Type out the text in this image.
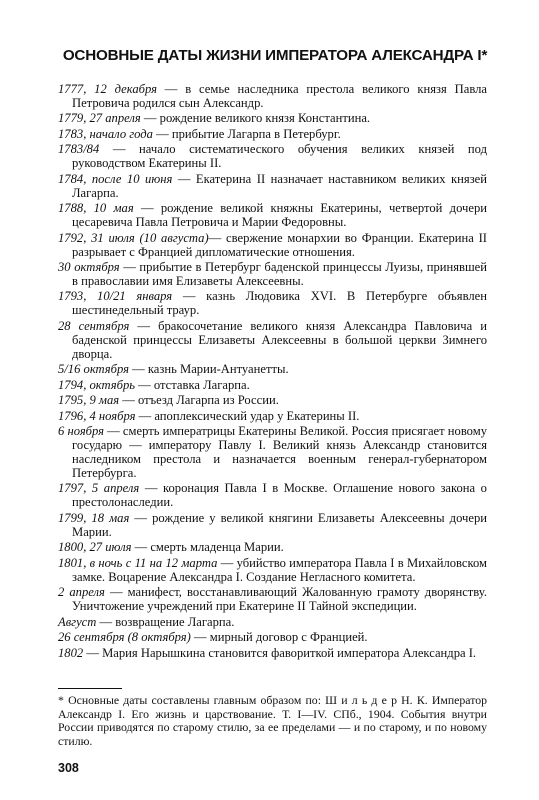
ОСНОВНЫЕ ДАТЫ ЖИЗНИ ИМПЕРАТОРА АЛЕКСАНДРА I*
1777, 12 декабря — в семье наследника престола великого князя Павла Петровича родился сын Александр.
1779, 27 апреля — рождение великого князя Константина.
1783, начало года — прибытие Лагарпа в Петербург.
1783/84 — начало систематического обучения великих князей под руководством Екатерины II.
1784, после 10 июня — Екатерина II назначает наставником великих князей Лагарпа.
1788, 10 мая — рождение великой княжны Екатерины, четвертой дочери цесаревича Павла Петровича и Марии Федоровны.
1792, 31 июля (10 августа)— свержение монархии во Франции. Екатерина II разрывает с Францией дипломатические отношения.
30 октября — прибытие в Петербург баденской принцессы Луизы, принявшей в православии имя Елизаветы Алексеевны.
1793, 10/21 января — казнь Людовика XVI. В Петербурге объявлен шестинедельный траур.
28 сентября — бракосочетание великого князя Александра Павловича и баденской принцессы Елизаветы Алексеевны в большой церкви Зимнего дворца.
5/16 октября — казнь Марии-Антуанетты.
1794, октябрь — отставка Лагарпа.
1795, 9 мая — отъезд Лагарпа из России.
1796, 4 ноября — апоплексический удар у Екатерины II.
6 ноября — смерть императрицы Екатерины Великой. Россия присягает новому государю — императору Павлу I. Великий князь Александр становится наследником престола и назначается военным генерал-губернатором Петербурга.
1797, 5 апреля — коронация Павла I в Москве. Оглашение нового закона о престолонаследии.
1799, 18 мая — рождение у великой княгини Елизаветы Алексеевны дочери Марии.
1800, 27 июля — смерть младенца Марии.
1801, в ночь с 11 на 12 марта — убийство императора Павла I в Михайловском замке. Воцарение Александра I. Создание Негласного комитета.
2 апреля — манифест, восстанавливающий Жалованную грамоту дворянству. Уничтожение учреждений при Екатерине II Тайной экспедиции.
Август — возвращение Лагарпа.
26 сентября (8 октября) — мирный договор с Францией.
1802 — Мария Нарышкина становится фавориткой императора Александра I.
* Основные даты составлены главным образом по: Ш и л ь д е р Н. К. Император Александр I. Его жизнь и царствование. Т. I—IV. СПб., 1904. События внутри России приводятся по старому стилю, за ее пределами — и по старому, и по новому стилю.
308
